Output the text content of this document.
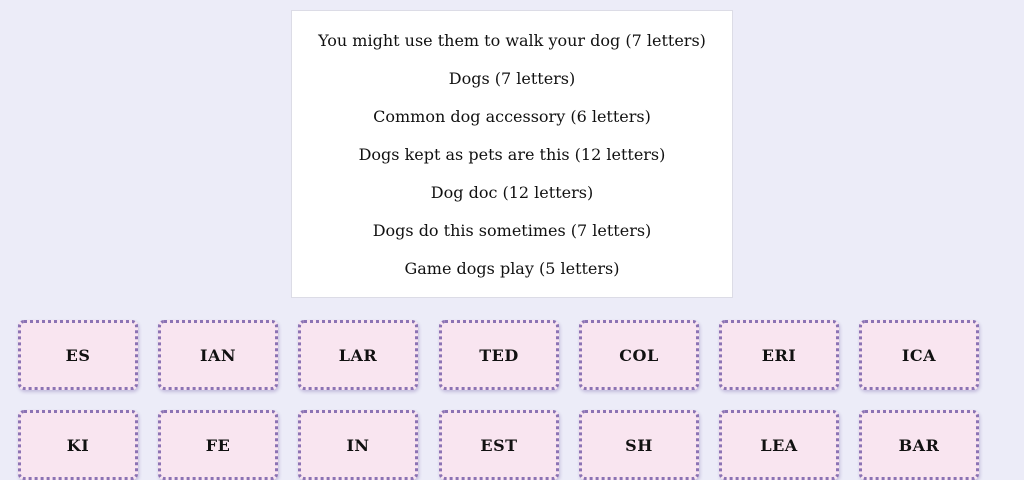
You might use them to walk your dog (7 letters)
Dogs (7 letters)
Common dog accessory (6 letters)
Dogs kept as pets are this (12 letters)
Dog doc (12 letters)
Dogs do this sometimes (7 letters)
Game dogs play (5 letters)
ES	IAN	LAR	TED	COL	ERI	ICA
KI	FE	IN	EST	SH	LEA	BAR
